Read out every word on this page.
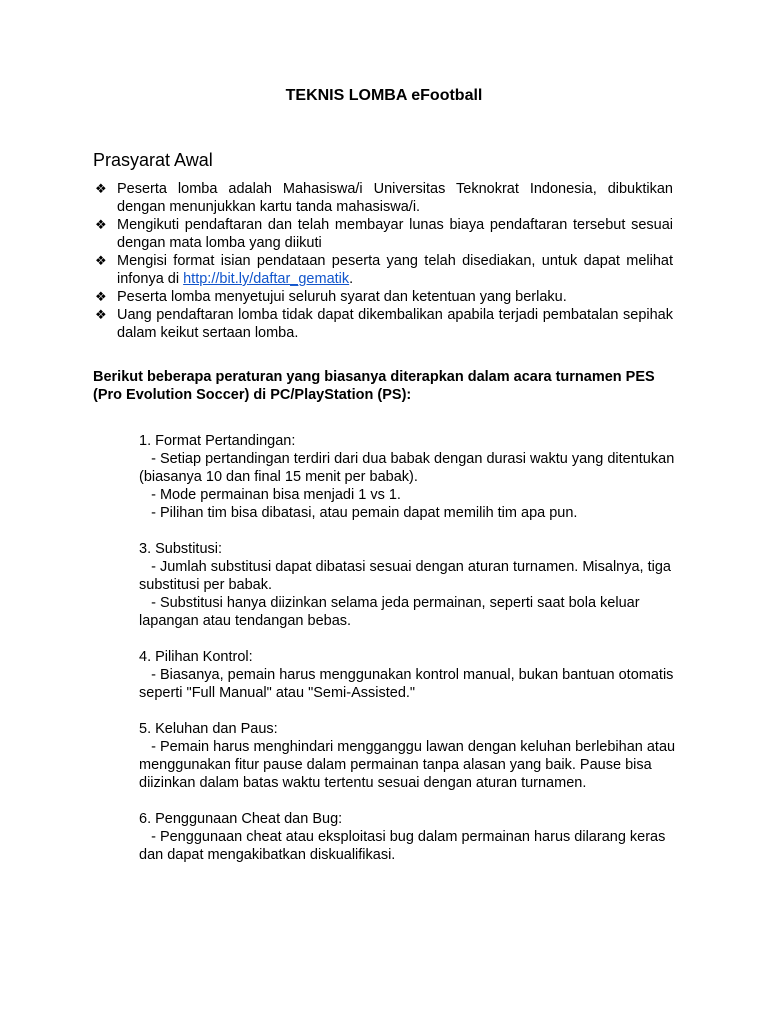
TEKNIS LOMBA eFootball
Prasyarat Awal
❖ Peserta lomba adalah Mahasiswa/i Universitas Teknokrat Indonesia, dibuktikan dengan menunjukkan kartu tanda mahasiswa/i.
❖ Mengikuti pendaftaran dan telah membayar lunas biaya pendaftaran tersebut sesuai dengan mata lomba yang diikuti
❖ Mengisi format isian pendataan peserta yang telah disediakan, untuk dapat melihat infonya di http://bit.ly/daftar_gematik.
❖ Peserta lomba menyetujui seluruh syarat dan ketentuan yang berlaku.
❖ Uang pendaftaran lomba tidak dapat dikembalikan apabila terjadi pembatalan sepihak dalam keikut sertaan lomba.
Berikut beberapa peraturan yang biasanya diterapkan dalam acara turnamen PES (Pro Evolution Soccer) di PC/PlayStation (PS):
1. Format Pertandingan:
- Setiap pertandingan terdiri dari dua babak dengan durasi waktu yang ditentukan (biasanya 10 dan final 15 menit per babak).
- Mode permainan bisa menjadi 1 vs 1.
- Pilihan tim bisa dibatasi, atau pemain dapat memilih tim apa pun.
3. Substitusi:
- Jumlah substitusi dapat dibatasi sesuai dengan aturan turnamen. Misalnya, tiga substitusi per babak.
- Substitusi hanya diizinkan selama jeda permainan, seperti saat bola keluar lapangan atau tendangan bebas.
4. Pilihan Kontrol:
- Biasanya, pemain harus menggunakan kontrol manual, bukan bantuan otomatis seperti "Full Manual" atau "Semi-Assisted."
5. Keluhan dan Paus:
- Pemain harus menghindari mengganggu lawan dengan keluhan berlebihan atau menggunakan fitur pause dalam permainan tanpa alasan yang baik. Pause bisa diizinkan dalam batas waktu tertentu sesuai dengan aturan turnamen.
6. Penggunaan Cheat dan Bug:
- Penggunaan cheat atau eksploitasi bug dalam permainan harus dilarang keras dan dapat mengakibatkan diskualifikasi.
